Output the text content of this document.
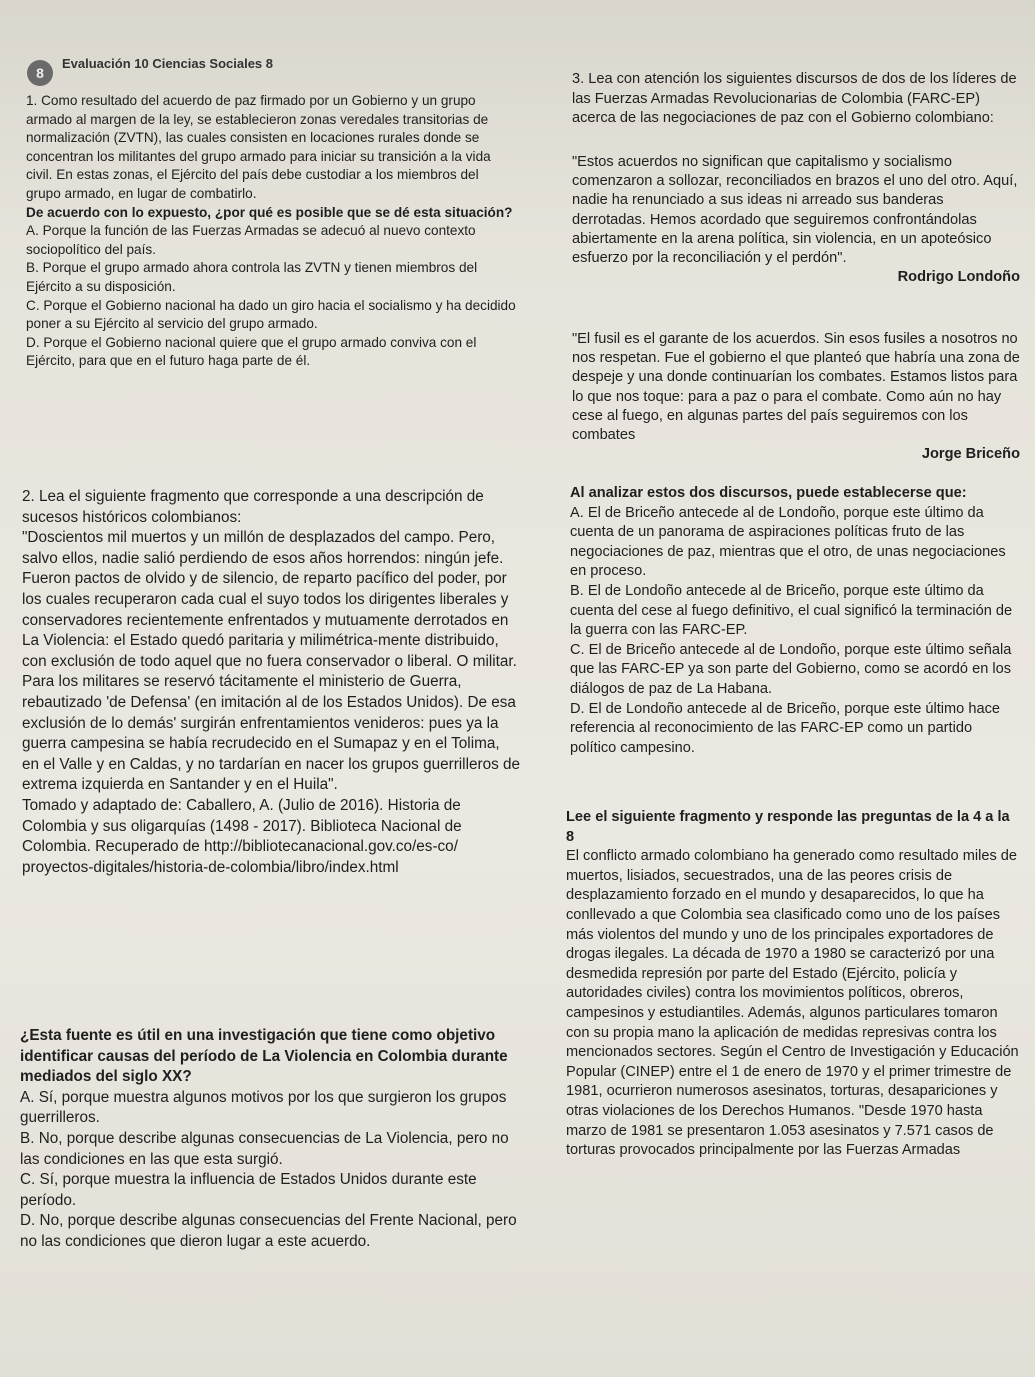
8
Evaluación 10 Ciencias Sociales 8

1. Como resultado del acuerdo de paz firmado por un Gobierno y un grupo armado al margen de la ley, se establecieron zonas veredales transitorias de normalización (ZVTN), las cuales consisten en locaciones rurales donde se concentran los militantes del grupo armado para iniciar su transición a la vida civil. En estas zonas, el Ejército del país debe custodiar a los miembros del grupo armado, en lugar de combatirlo.

De acuerdo con lo expuesto, ¿por qué es posible que se dé esta situación?

A. Porque la función de las Fuerzas Armadas se adecuó al nuevo contexto sociopolítico del país.

B. Porque el grupo armado ahora controla las ZVTN y tienen miembros del Ejército a su disposición.

C. Porque el Gobierno nacional ha dado un giro hacia el socialismo y ha decidido poner a su Ejército al servicio del grupo armado.

D. Porque el Gobierno nacional quiere que el grupo armado conviva con el Ejército, para que en el futuro haga parte de él.

2. Lea el siguiente fragmento que corresponde a una descripción de sucesos históricos colombianos:

"Doscientos mil muertos y un millón de desplazados del campo. Pero, salvo ellos, nadie salió perdiendo de esos años horrendos: ningún jefe. Fueron pactos de olvido y de silencio, de reparto pacífico del poder, por los cuales recuperaron cada cual el suyo todos los dirigentes liberales y conservadores recientemente enfrentados y mutuamente derrotados en La Violencia: el Estado quedó paritaria y milimétrica-mente distribuido, con exclusión de todo aquel que no fuera conservador o liberal. O militar. Para los militares se reservó tácitamente el ministerio de Guerra, rebautizado 'de Defensa' (en imitación al de los Estados Unidos). De esa exclusión de lo demás' surgirán enfrentamientos venideros: pues ya la guerra campesina se había recrudecido en el Sumapaz y en el Tolima, en el Valle y en Caldas, y no tardarían en nacer los grupos guerrilleros de extrema izquierda en Santander y en el Huila".

Tomado y adaptado de: Caballero, A. (Julio de 2016). Historia de Colombia y sus oligarquías (1498 - 2017). Biblioteca Nacional de Colombia. Recuperado de http://bibliotecanacional.gov.co/es-co/ proyectos-digitales/historia-de-colombia/libro/index.html

¿Esta fuente es útil en una investigación que tiene como objetivo identificar causas del período de La Violencia en Colombia durante mediados del siglo XX?

A. Sí, porque muestra algunos motivos por los que surgieron los grupos guerrilleros.

B. No, porque describe algunas consecuencias de La Violencia, pero no las condiciones en las que esta surgió.

C. Sí, porque muestra la influencia de Estados Unidos durante este período.

D. No, porque describe algunas consecuencias del Frente Nacional, pero no las condiciones que dieron lugar a este acuerdo.

3. Lea con atención los siguientes discursos de dos de los líderes de las Fuerzas Armadas Revolucionarias de Colombia (FARC-EP) acerca de las negociaciones de paz con el Gobierno colombiano:

"Estos acuerdos no significan que capitalismo y socialismo comenzaron a sollozar, reconciliados en brazos el uno del otro. Aquí, nadie ha renunciado a sus ideas ni arreado sus banderas derrotadas. Hemos acordado que seguiremos confrontándolas abiertamente en la arena política, sin violencia, en un apoteósico esfuerzo por la reconciliación y el perdón".

Rodrigo Londoño

"El fusil es el garante de los acuerdos. Sin esos fusiles a nosotros no nos respetan. Fue el gobierno el que planteó que habría una zona de despeje y una donde continuarían los combates. Estamos listos para lo que nos toque: para a paz o para el combate. Como aún no hay cese al fuego, en algunas partes del país seguiremos con los combates

Jorge Briceño

Al analizar estos dos discursos, puede establecerse que:

A. El de Briceño antecede al de Londoño, porque este último da cuenta de un panorama de aspiraciones políticas fruto de las negociaciones de paz, mientras que el otro, de unas negociaciones en proceso.

B. El de Londoño antecede al de Briceño, porque este último da cuenta del cese al fuego definitivo, el cual significó la terminación de la guerra con las FARC-EP.

C. El de Briceño antecede al de Londoño, porque este último señala que las FARC-EP ya son parte del Gobierno, como se acordó en los diálogos de paz de La Habana.

D. El de Londoño antecede al de Briceño, porque este último hace referencia al reconocimiento de las FARC-EP como un partido político campesino.

Lee el siguiente fragmento y responde las preguntas de la 4 a la 8

El conflicto armado colombiano ha generado como resultado miles de muertos, lisiados, secuestrados, una de las peores crisis de desplazamiento forzado en el mundo y desaparecidos, lo que ha conllevado a que Colombia sea clasificado como uno de los países más violentos del mundo y uno de los principales exportadores de drogas ilegales. La década de 1970 a 1980 se caracterizó por una desmedida represión por parte del Estado (Ejército, policía y autoridades civiles) contra los movimientos políticos, obreros, campesinos y estudiantiles. Además, algunos particulares tomaron con su propia mano la aplicación de medidas represivas contra los mencionados sectores. Según el Centro de Investigación y Educación Popular (CINEP) entre el 1 de enero de 1970 y el primer trimestre de 1981, ocurrieron numerosos asesinatos, torturas, desapariciones y otras violaciones de los Derechos Humanos. "Desde 1970 hasta marzo de 1981 se presentaron 1.053 asesinatos y 7.571 casos de torturas provocados principalmente por las Fuerzas Armadas
